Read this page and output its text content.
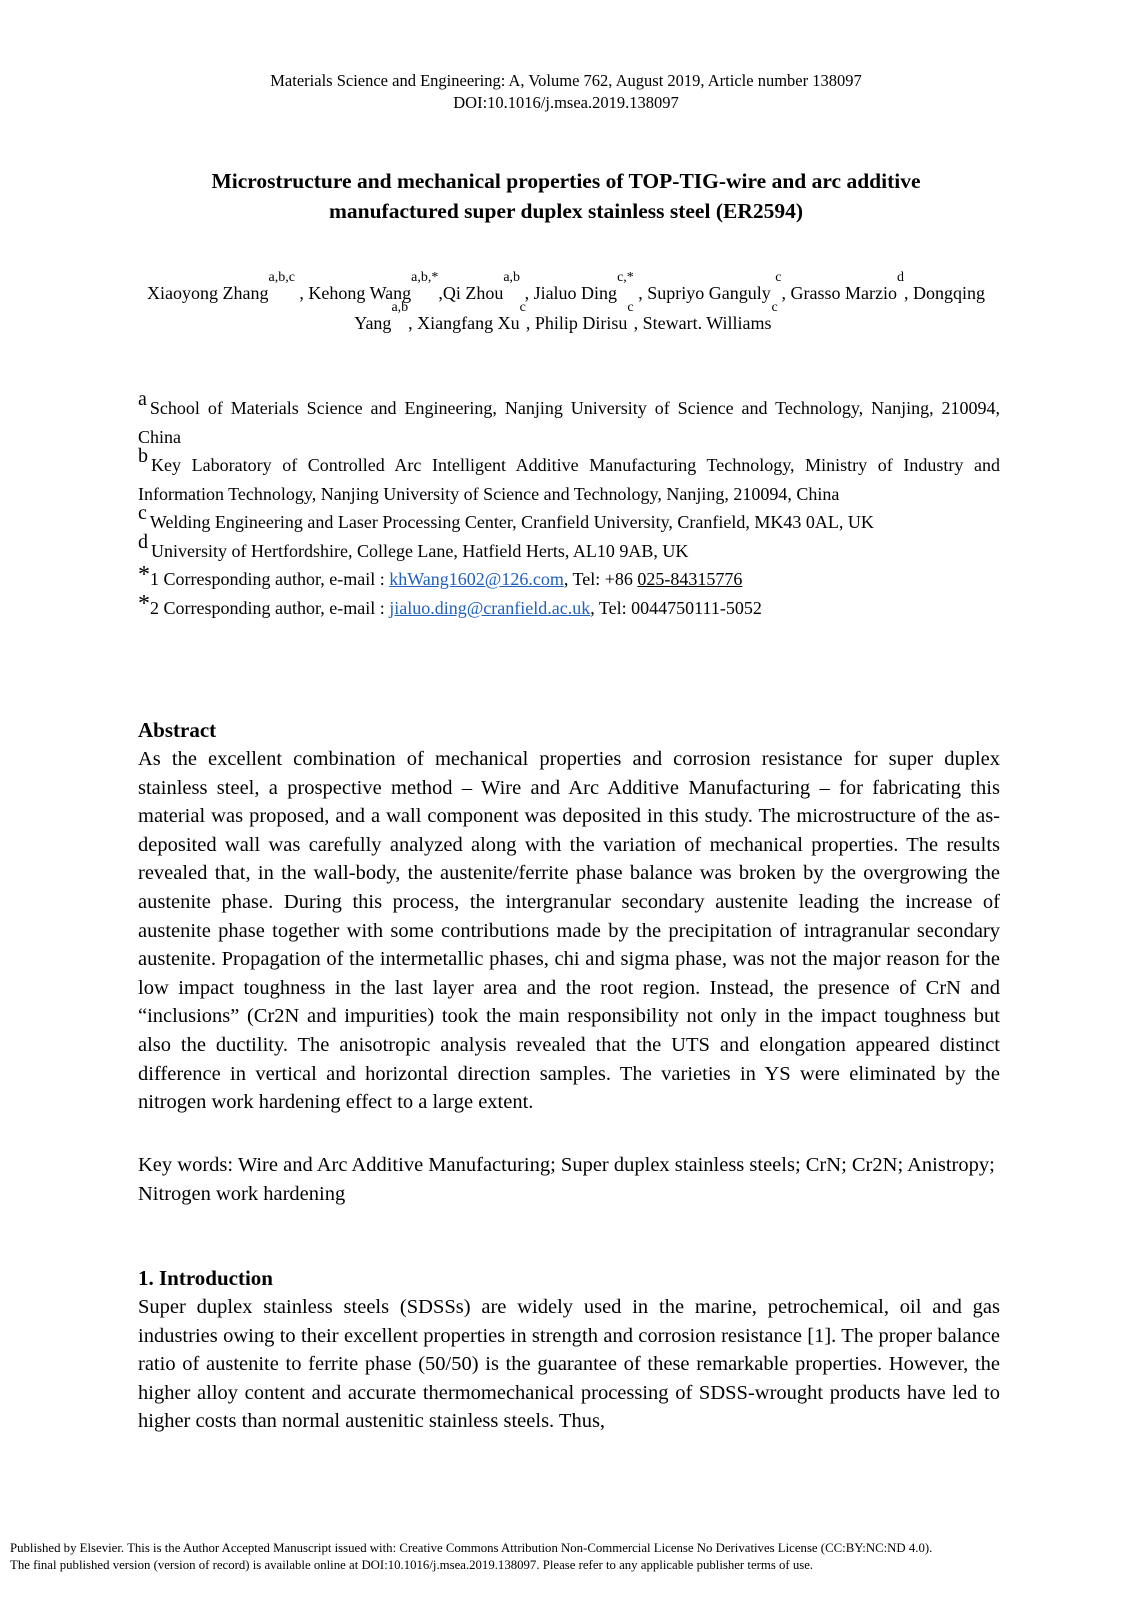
Materials Science and Engineering: A, Volume 762, August 2019, Article number 138097
DOI:10.1016/j.msea.2019.138097
Microstructure and mechanical properties of TOP-TIG-wire and arc additive
manufactured super duplex stainless steel (ER2594)
Xiaoyong Zhang$^{a,b,c}$ , Kehong Wang$^{a,b,*}$,Qi Zhou$^{a,b}$ , Jialuo Ding$^{c,*}$ , Supriyo Ganguly $^c$, Grasso Marzio$^d$, Dongqing Yang$^{a,b}$, Xiangfang Xu$^c$, Philip Dirisu$^c$, Stewart. Williams$^c$
a School of Materials Science and Engineering, Nanjing University of Science and Technology, Nanjing, 210094, China
b Key Laboratory of Controlled Arc Intelligent Additive Manufacturing Technology, Ministry of Industry and Information Technology, Nanjing University of Science and Technology, Nanjing, 210094, China
c Welding Engineering and Laser Processing Center, Cranfield University, Cranfield, MK43 0AL, UK
d University of Hertfordshire, College Lane, Hatfield Herts, AL10 9AB, UK
*1 Corresponding author, e-mail : khWang1602@126.com, Tel: +86 025-84315776
*2 Corresponding author, e-mail : jialuo.ding@cranfield.ac.uk, Tel: 0044750111-5052
Abstract
As the excellent combination of mechanical properties and corrosion resistance for super duplex stainless steel, a prospective method – Wire and Arc Additive Manufacturing – for fabricating this material was proposed, and a wall component was deposited in this study. The microstructure of the as-deposited wall was carefully analyzed along with the variation of mechanical properties. The results revealed that, in the wall-body, the austenite/ferrite phase balance was broken by the overgrowing the austenite phase. During this process, the intergranular secondary austenite leading the increase of austenite phase together with some contributions made by the precipitation of intragranular secondary austenite. Propagation of the intermetallic phases, chi and sigma phase, was not the major reason for the low impact toughness in the last layer area and the root region. Instead, the presence of CrN and “inclusions” (Cr2N and impurities) took the main responsibility not only in the impact toughness but also the ductility. The anisotropic analysis revealed that the UTS and elongation appeared distinct difference in vertical and horizontal direction samples. The varieties in YS were eliminated by the nitrogen work hardening effect to a large extent.
Key words: Wire and Arc Additive Manufacturing; Super duplex stainless steels; CrN; Cr2N; Anistropy; Nitrogen work hardening
1. Introduction
Super duplex stainless steels (SDSSs) are widely used in the marine, petrochemical, oil and gas industries owing to their excellent properties in strength and corrosion resistance [1]. The proper balance ratio of austenite to ferrite phase (50/50) is the guarantee of these remarkable properties. However, the higher alloy content and accurate thermomechanical processing of SDSS-wrought products have led to higher costs than normal austenitic stainless steels. Thus,
Published by Elsevier. This is the Author Accepted Manuscript issued with: Creative Commons Attribution Non-Commercial License No Derivatives License (CC:BY:NC:ND 4.0).
The final published version (version of record) is available online at DOI:10.1016/j.msea.2019.138097. Please refer to any applicable publisher terms of use.
